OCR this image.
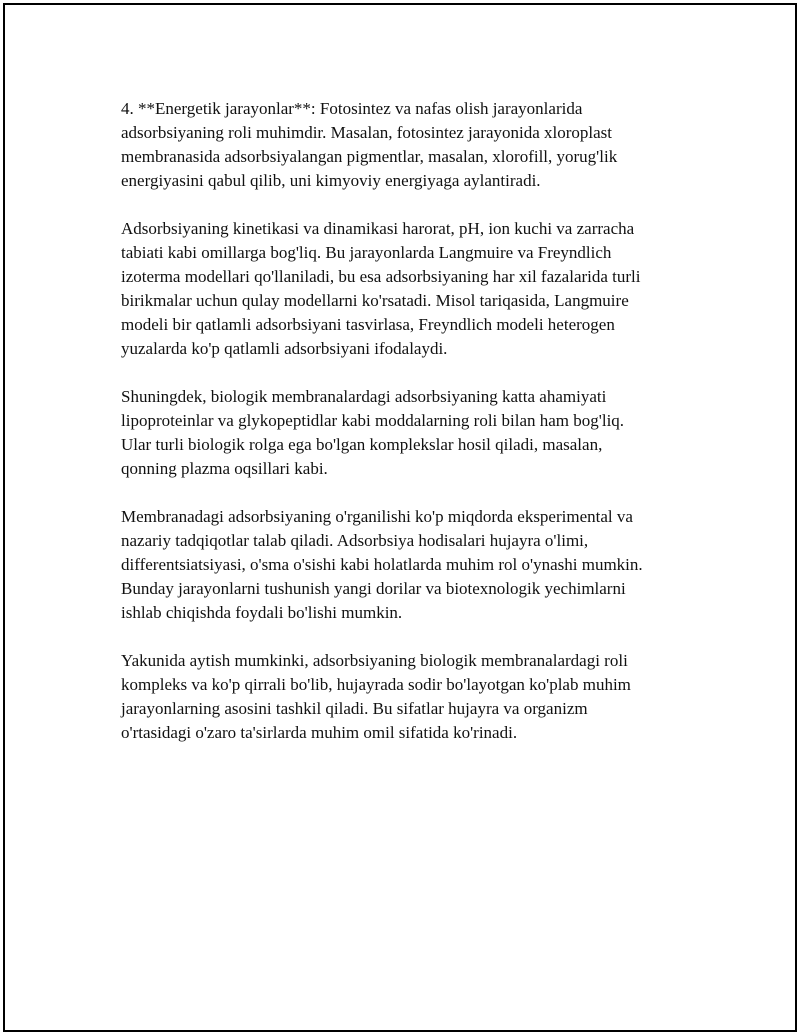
4. **Energetik jarayonlar**: Fotosintez va nafas olish jarayonlarida
adsorbsiyaning roli muhimdir. Masalan, fotosintez jarayonida xloroplast
membranasida adsorbsiyalangan pigmentlar, masalan, xlorofill, yorug'lik
energiyasini qabul qilib, uni kimyoviy energiyaga aylantiradi.

Adsorbsiyaning kinetikasi va dinamikasi harorat, pH, ion kuchi va zarracha
tabiati kabi omillarga bog'liq. Bu jarayonlarda Langmuire va Freyndlich
izoterma modellari qo'llaniladi, bu esa adsorbsiyaning har xil fazalarida turli
birikmalar uchun qulay modellarni ko'rsatadi. Misol tariqasida, Langmuire
modeli bir qatlamli adsorbsiyani tasvirlasa, Freyndlich modeli heterogen
yuzalarda ko'p qatlamli adsorbsiyani ifodalaydi.

Shuningdek, biologik membranalardagi adsorbsiyaning katta ahamiyati
lipoproteinlar va glykopeptidlar kabi moddalarning roli bilan ham bog'liq.
Ular turli biologik rolga ega bo'lgan komplekslar hosil qiladi, masalan,
qonning plazma oqsillari kabi.

Membranadagi adsorbsiyaning o'rganilishi ko'p miqdorda eksperimental va
nazariy tadqiqotlar talab qiladi. Adsorbsiya hodisalari hujayra o'limi,
differentsiatsiyasi, o'sma o'sishi kabi holatlarda muhim rol o'ynashi mumkin.
Bunday jarayonlarni tushunish yangi dorilar va biotexnologik yechimlarni
ishlab chiqishda foydali bo'lishi mumkin.

Yakunida aytish mumkinki, adsorbsiyaning biologik membranalardagi roli
kompleks va ko'p qirrali bo'lib, hujayrada sodir bo'layotgan ko'plab muhim
jarayonlarning asosini tashkil qiladi. Bu sifatlar hujayra va organizm
o'rtasidagi o'zaro ta'sirlarda muhim omil sifatida ko'rinadi.
